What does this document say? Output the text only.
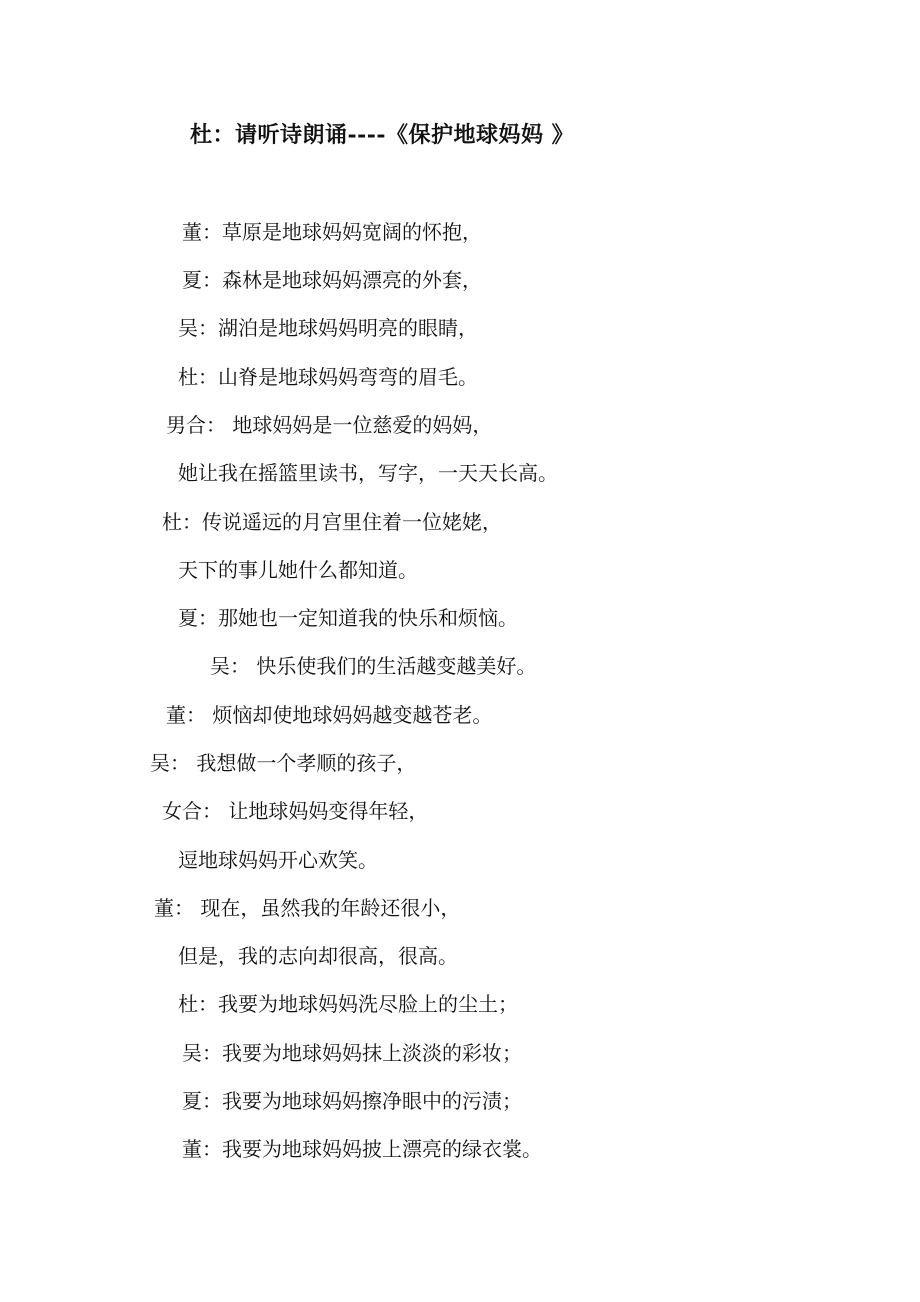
杜：请听诗朗诵----《保护地球妈妈 》
董：草原是地球妈妈宽阔的怀抱，
夏：森林是地球妈妈漂亮的外套，
吴：湖泊是地球妈妈明亮的眼睛，
杜：山脊是地球妈妈弯弯的眉毛。
男合： 地球妈妈是一位慈爱的妈妈，
她让我在摇篮里读书，写字，一天天长高。
杜：传说遥远的月宫里住着一位姥姥，
天下的事儿她什么都知道。
夏：那她也一定知道我的快乐和烦恼。
吴： 快乐使我们的生活越变越美好。
董： 烦恼却使地球妈妈越变越苍老。
吴： 我想做一个孝顺的孩子，
女合： 让地球妈妈变得年轻，
逗地球妈妈开心欢笑。
董： 现在，虽然我的年龄还很小，
但是，我的志向却很高，很高。
杜：我要为地球妈妈洗尽脸上的尘土；
吴：我要为地球妈妈抹上淡淡的彩妆；
夏：我要为地球妈妈擦净眼中的污渍；
董：我要为地球妈妈披上漂亮的绿衣裳。
